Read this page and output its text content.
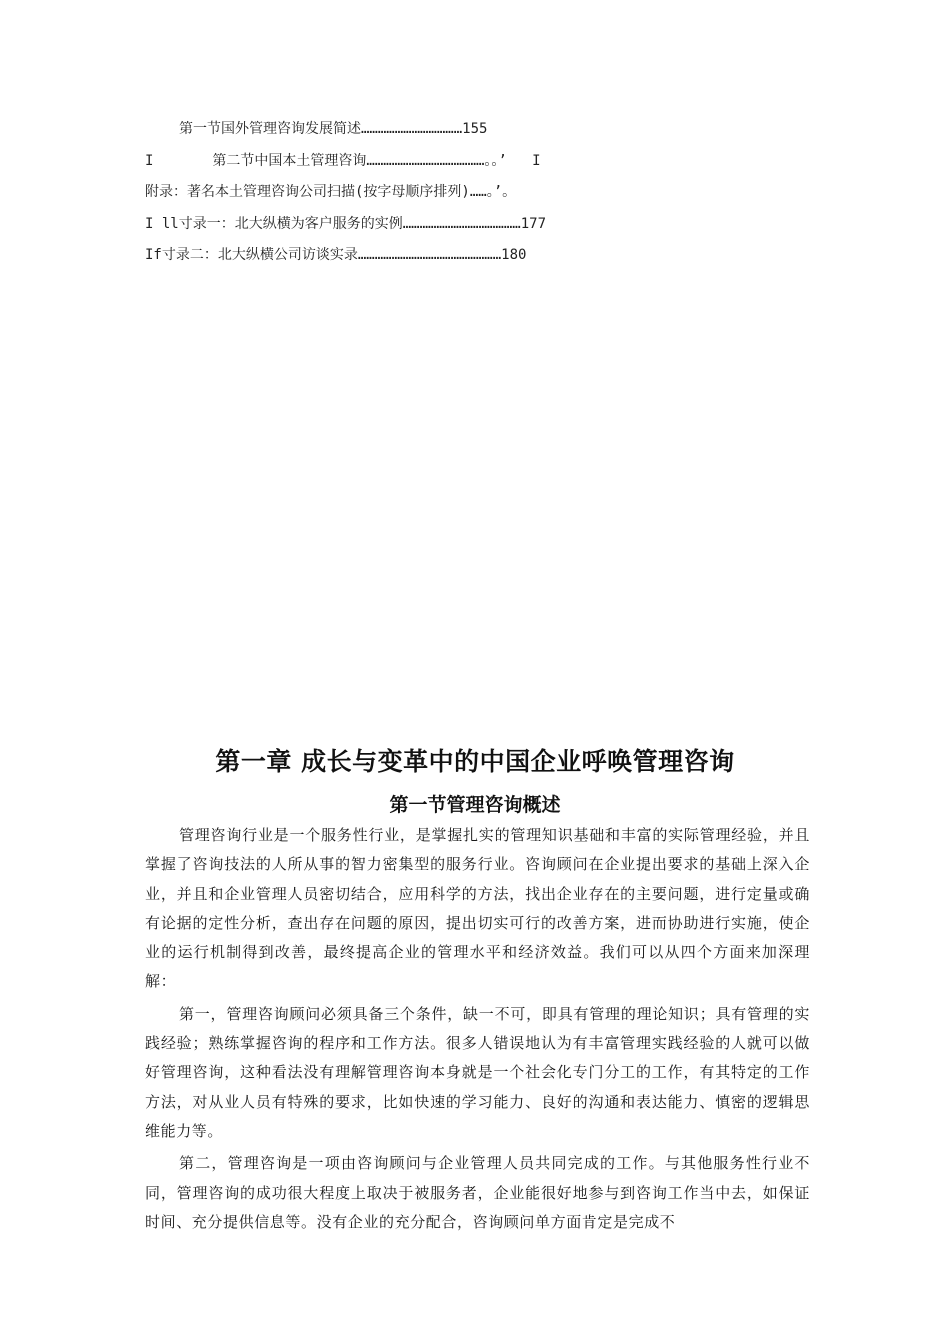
第一节国外管理咨询发展简述………………………………155
I       第二节中国本土管理咨询……………………………………。。’   I
附录：著名本土管理咨询公司扫描(按字母顺序排列)……。’。
I ll寸录一：北大纵横为客户服务的实例……………………………………177
If寸录二：北大纵横公司访谈实录……………………………………………180
第一章 成长与变革中的中国企业呼唤管理咨询
第一节管理咨询概述

管理咨询行业是一个服务性行业，是掌握扎实的管理知识基础和丰富的实际管理经验，并且掌握了咨询技法的人所从事的智力密集型的服务行业。咨询顾问在企业提出要求的基础上深入企业，并且和企业管理人员密切结合，应用科学的方法，找出企业存在的主要问题，进行定量或确有论据的定性分析，查出存在问题的原因，提出切实可行的改善方案，进而协助进行实施，使企业的运行机制得到改善，最终提高企业的管理水平和经济效益。我们可以从四个方面来加深理解：

第一，管理咨询顾问必须具备三个条件，缺一不可，即具有管理的理论知识；具有管理的实践经验；熟练掌握咨询的程序和工作方法。很多人错误地认为有丰富管理实践经验的人就可以做好管理咨询，这种看法没有理解管理咨询本身就是一个社会化专门分工的工作，有其特定的工作方法，对从业人员有特殊的要求，比如快速的学习能力、良好的沟通和表达能力、慎密的逻辑思维能力等。

第二，管理咨询是一项由咨询顾问与企业管理人员共同完成的工作。与其他服务性行业不同，管理咨询的成功很大程度上取决于被服务者，企业能很好地参与到咨询工作当中去，如保证时间、充分提供信息等。没有企业的充分配合，咨询顾问单方面肯定是完成不
